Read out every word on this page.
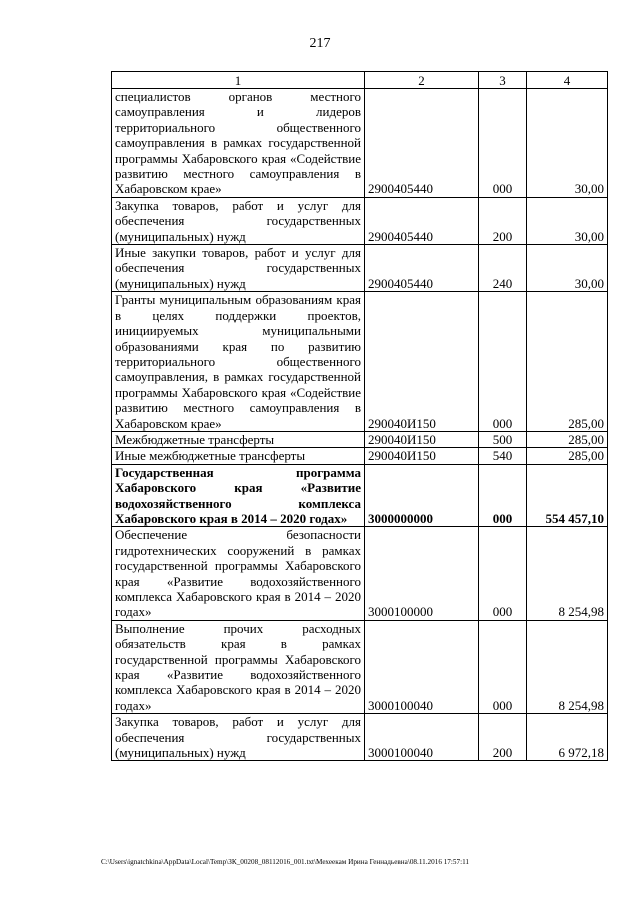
217
1	2	3	4
специалистов органов местного самоуправления и лидеров территориального общественного самоуправления в рамках государственной программы Хабаровского края «Содействие развитию местного самоуправления в Хабаровском крае»	2900405440	000	30,00
Закупка товаров, работ и услуг для обеспечения государственных (муниципальных) нужд	2900405440	200	30,00
Иные закупки товаров, работ и услуг для обеспечения государственных (муниципальных) нужд	2900405440	240	30,00
Гранты муниципальным образованиям края в целях поддержки проектов, инициируемых муниципальными образованиями края по развитию территориального общественного самоуправления, в рамках государственной программы Хабаровского края «Содействие развитию местного самоуправления в Хабаровском крае»	290040И150	000	285,00
Межбюджетные трансферты	290040И150	500	285,00
Иные межбюджетные трансферты	290040И150	540	285,00
Государственная программа Хабаровского края «Развитие водохозяйственного комплекса Хабаровского края в 2014 – 2020 годах»	3000000000	000	554 457,10
Обеспечение безопасности гидротехнических сооружений в рамках государственной программы Хабаровского края «Развитие водохозяйственного комплекса Хабаровского края в 2014 – 2020 годах»	3000100000	000	8 254,98
Выполнение прочих расходных обязательств края в рамках государственной программы Хабаровского края «Развитие водохозяйственного комплекса Хабаровского края в 2014 – 2020 годах»	3000100040	000	8 254,98
Закупка товаров, работ и услуг для обеспечения государственных (муниципальных) нужд	3000100040	200	6 972,18
C:\Users\ignatchkina\AppData\Local\Temp\ЗК_00208_08112016_001.txt\Мехеекам Ирина Геннадьевна\08.11.2016 17:57:11
